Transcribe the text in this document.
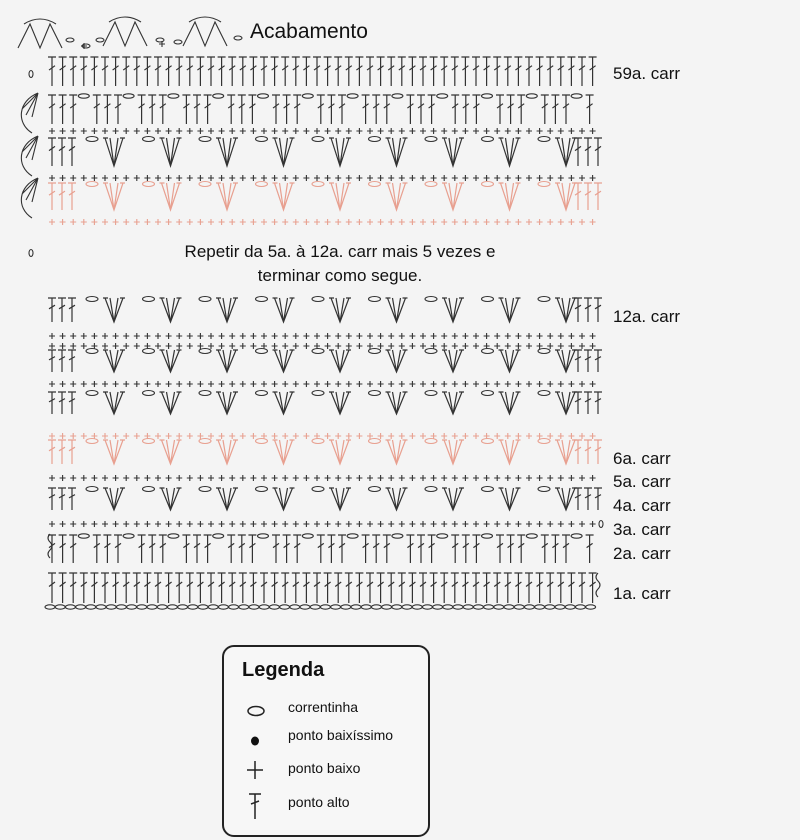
Acabamento
Repetir da 5a. à 12a. carr mais 5 vezes e
terminar como segue.
59a. carr
12a. carr
6a. carr
5a. carr
4a. carr
3a. carr
2a. carr
1a. carr
Legenda
correntinha
ponto baixíssimo
ponto baixo
ponto alto
